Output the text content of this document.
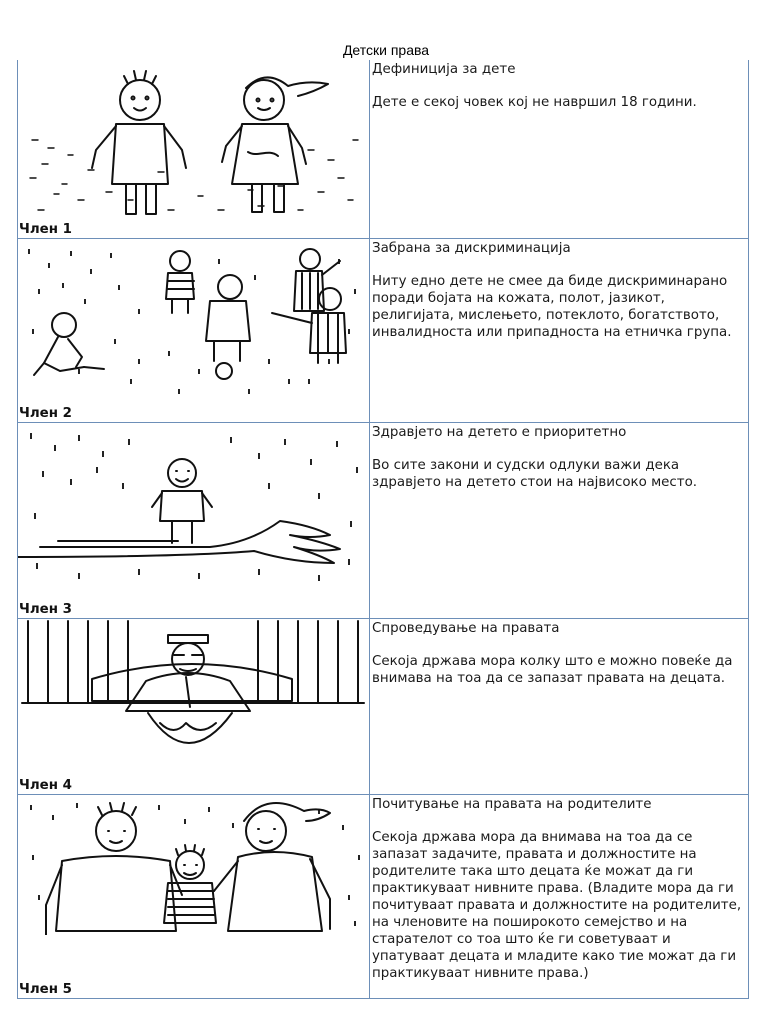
Детски права
Член 1

Дефиниција за дете

Дете е секој човек кој не навршил 18 години.

Член 2

Забрана за дискриминација

Ниту едно дете не смее да биде дискриминарано поради бојата на кожата, полот, јазикот, религијата, мислењето, потеклото, богатството, инвалидноста или припадноста на етничка група.

Член 3

Здравјето на детето е приоритетно

Во сите закони и судски одлуки важи дека здравјето на детето стои на највисоко место.

Член 4

Спроведување на правата

Секоја држава мора колку што е можно повеќе да внимава на тоа да се запазат правата на децата.

Член 5

Почитување на правата на родителите

Секоја држава мора да внимава на тоа да се запазат задачите, правата и должностите на родителите така што децата ќе можат да ги практикуваат нивните права. (Владите мора да ги почитуваат правата и должностите на родителите, на членовите на поширокото семејство и на старателот со тоа што ќе ги советуваат и упатуваат децата и младите како тие можат да ги практикуваат нивните права.)
